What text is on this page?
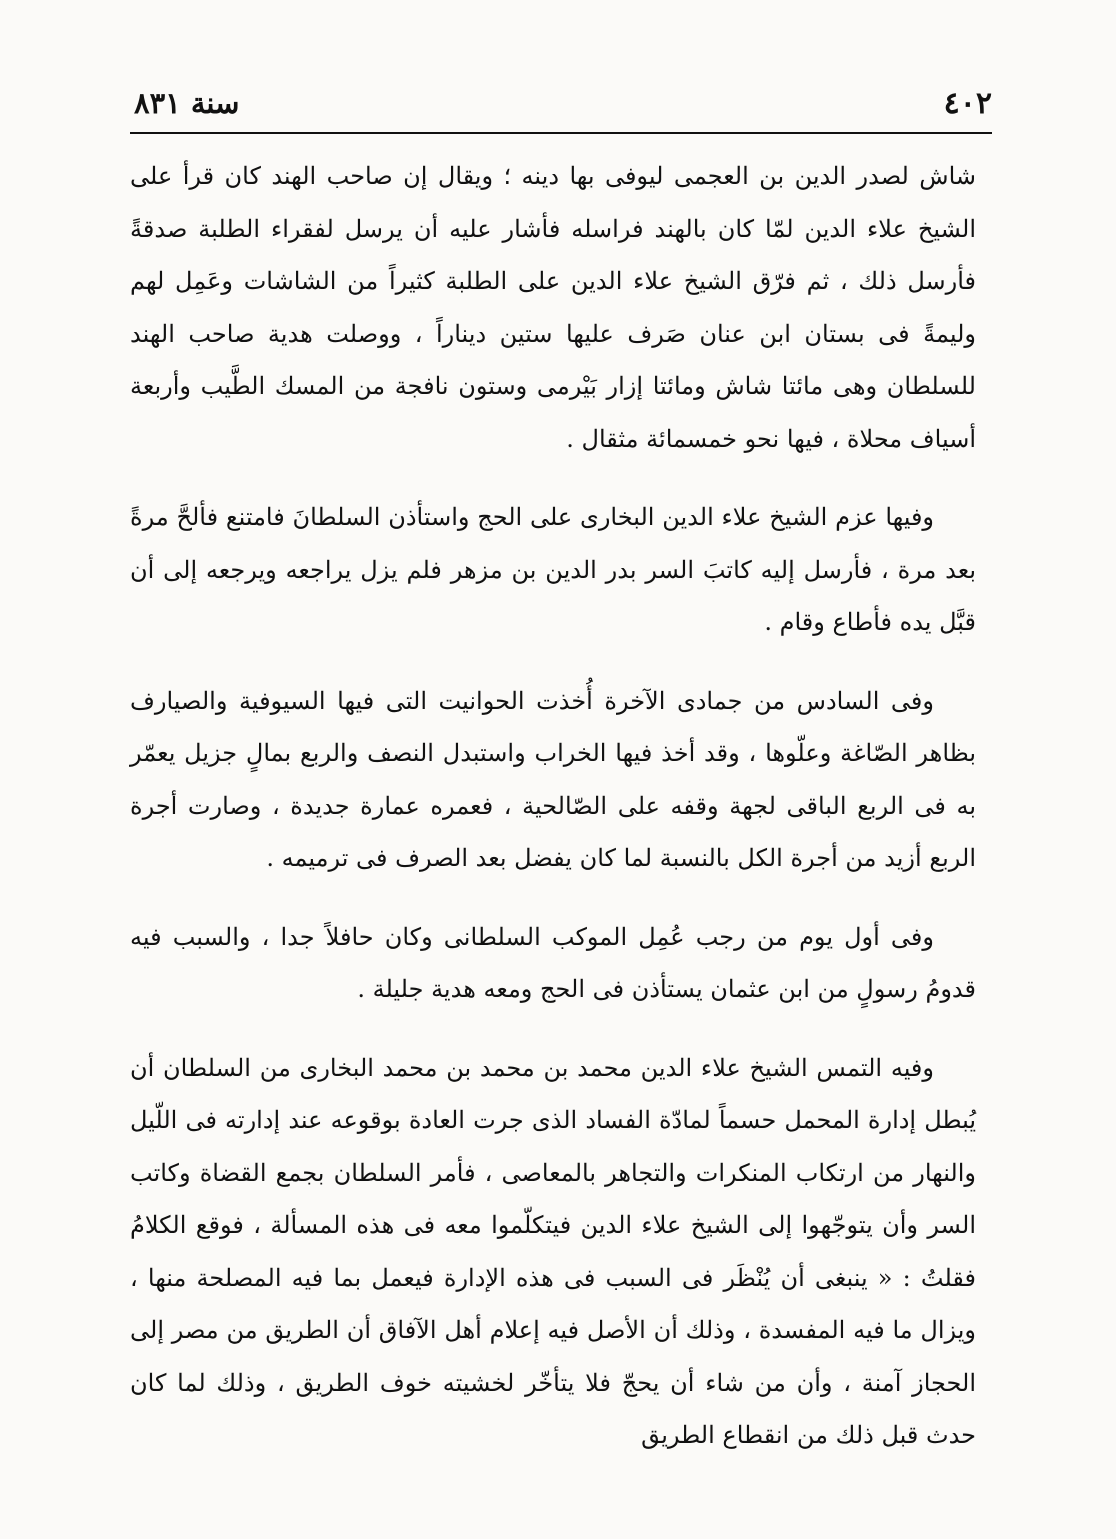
٤٠٢
سنة ٨٣١

شاش لصدر الدين بن العجمى ليوفى بها دينه ؛ ويقال إن صاحب الهند كان قرأ على الشيخ علاء الدين لمّا كان بالهند فراسله فأشار عليه أن يرسل لفقراء الطلبة صدقةً فأرسل ذلك ، ثم فرّق الشيخ علاء الدين على الطلبة كثيراً من الشاشات وعَمِل لهم وليمةً فى بستان ابن عنان صَرف عليها ستين ديناراً ، ووصلت هدية صاحب الهند للسلطان وهى مائتا شاش ومائتا إزار بَيْرمى وستون نافجة من المسك الطَّيب وأربعة أسياف محلاة ، فيها نحو خمسمائة مثقال .

وفيها عزم الشيخ علاء الدين البخارى على الحج واستأذن السلطانَ فامتنع فألحَّ مرةً بعد مرة ، فأرسل إليه كاتبَ السر بدر الدين بن مزهر فلم يزل يراجعه ويرجعه إلى أن قبَّل يده فأطاع وقام .

وفى السادس من جمادى الآخرة أُخذت الحوانيت التى فيها السيوفية والصيارف بظاهر الصّاغة وعلّوها ، وقد أخذ فيها الخراب واستبدل النصف والربع بمالٍ جزيل يعمّر به فى الربع الباقى لجهة وقفه على الصّالحية ، فعمره عمارة جديدة ، وصارت أجرة الربع أزيد من أجرة الكل بالنسبة لما كان يفضل بعد الصرف فى ترميمه .

وفى أول يوم من رجب عُمِل الموكب السلطانى وكان حافلاً جدا ، والسبب فيه قدومُ رسولٍ من ابن عثمان يستأذن فى الحج ومعه هدية جليلة .

وفيه التمس الشيخ علاء الدين محمد بن محمد بن محمد البخارى من السلطان أن يُبطل إدارة المحمل حسماً لمادّة الفساد الذى جرت العادة بوقوعه عند إدارته فى اللّيل والنهار من ارتكاب المنكرات والتجاهر بالمعاصى ، فأمر السلطان بجمع القضاة وكاتب السر وأن يتوجّهوا إلى الشيخ علاء الدين فيتكلّموا معه فى هذه المسألة ، فوقع الكلامُ فقلتُ : « ينبغى أن يُنْظَر فى السبب فى هذه الإدارة فيعمل بما فيه المصلحة منها ، ويزال ما فيه المفسدة ، وذلك أن الأصل فيه إعلام أهل الآفاق أن الطريق من مصر إلى الحجاز آمنة ، وأن من شاء أن يحجّ فلا يتأخّر لخشيته خوف الطريق ، وذلك لما كان حدث قبل ذلك من انقطاع الطريق
